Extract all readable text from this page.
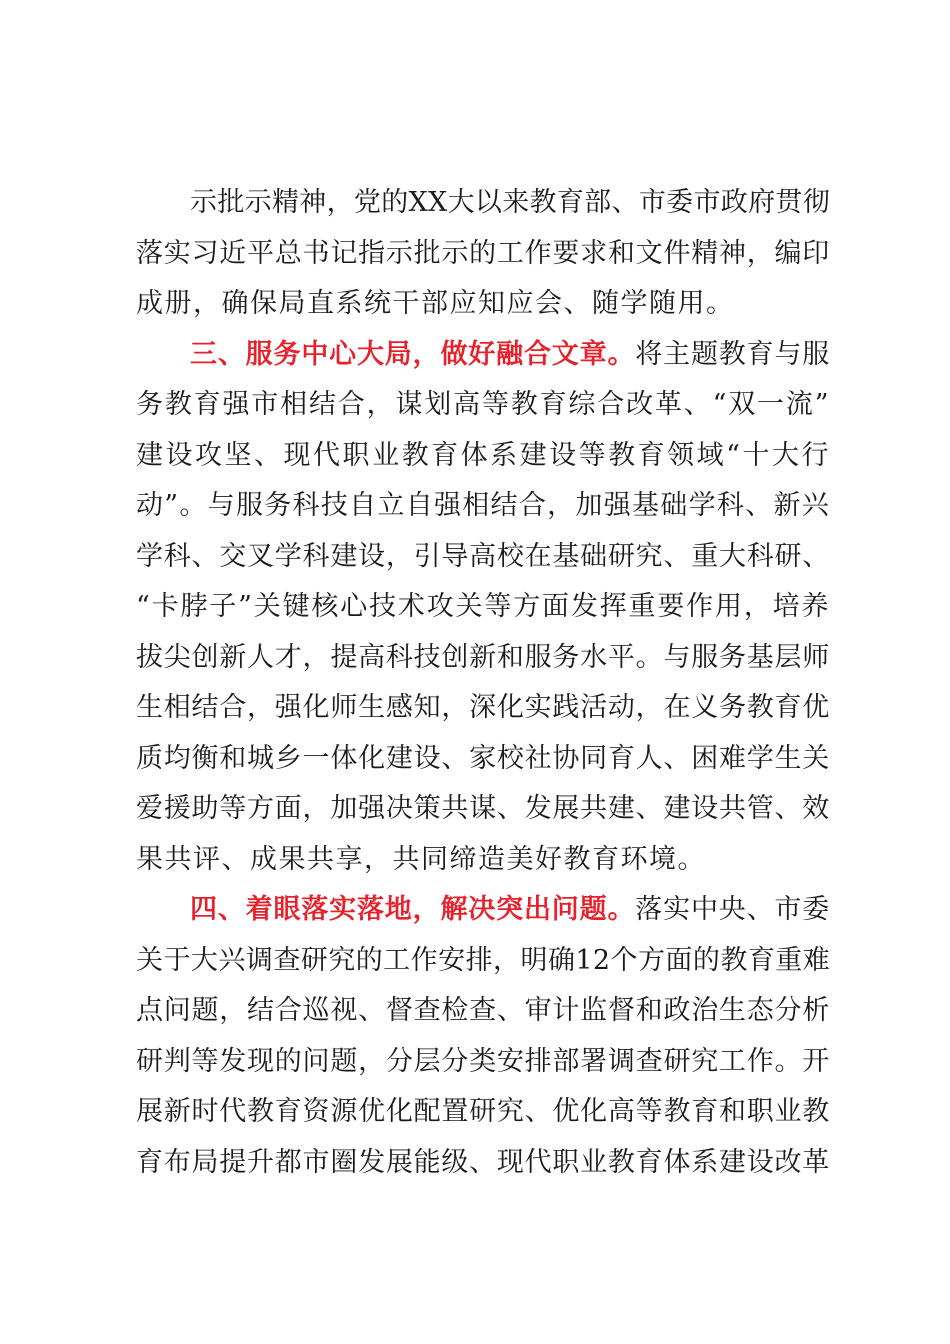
示批示精神，党的XX大以来教育部、市委市政府贯彻
落实习近平总书记指示批示的工作要求和文件精神，编印
成册，确保局直系统干部应知应会、随学随用。
三、服务中心大局，做好融合文章。将主题教育与服
务教育强市相结合，谋划高等教育综合改革、“双一流”
建设攻坚、现代职业教育体系建设等教育领域“十大行
动”。与服务科技自立自强相结合，加强基础学科、新兴
学科、交叉学科建设，引导高校在基础研究、重大科研、
“卡脖子”关键核心技术攻关等方面发挥重要作用，培养
拔尖创新人才，提高科技创新和服务水平。与服务基层师
生相结合，强化师生感知，深化实践活动，在义务教育优
质均衡和城乡一体化建设、家校社协同育人、困难学生关
爱援助等方面，加强决策共谋、发展共建、建设共管、效
果共评、成果共享，共同缔造美好教育环境。
四、着眼落实落地，解决突出问题。落实中央、市委
关于大兴调查研究的工作安排，明确12个方面的教育重难
点问题，结合巡视、督查检查、审计监督和政治生态分析
研判等发现的问题，分层分类安排部署调查研究工作。开
展新时代教育资源优化配置研究、优化高等教育和职业教
育布局提升都市圈发展能级、现代职业教育体系建设改革
